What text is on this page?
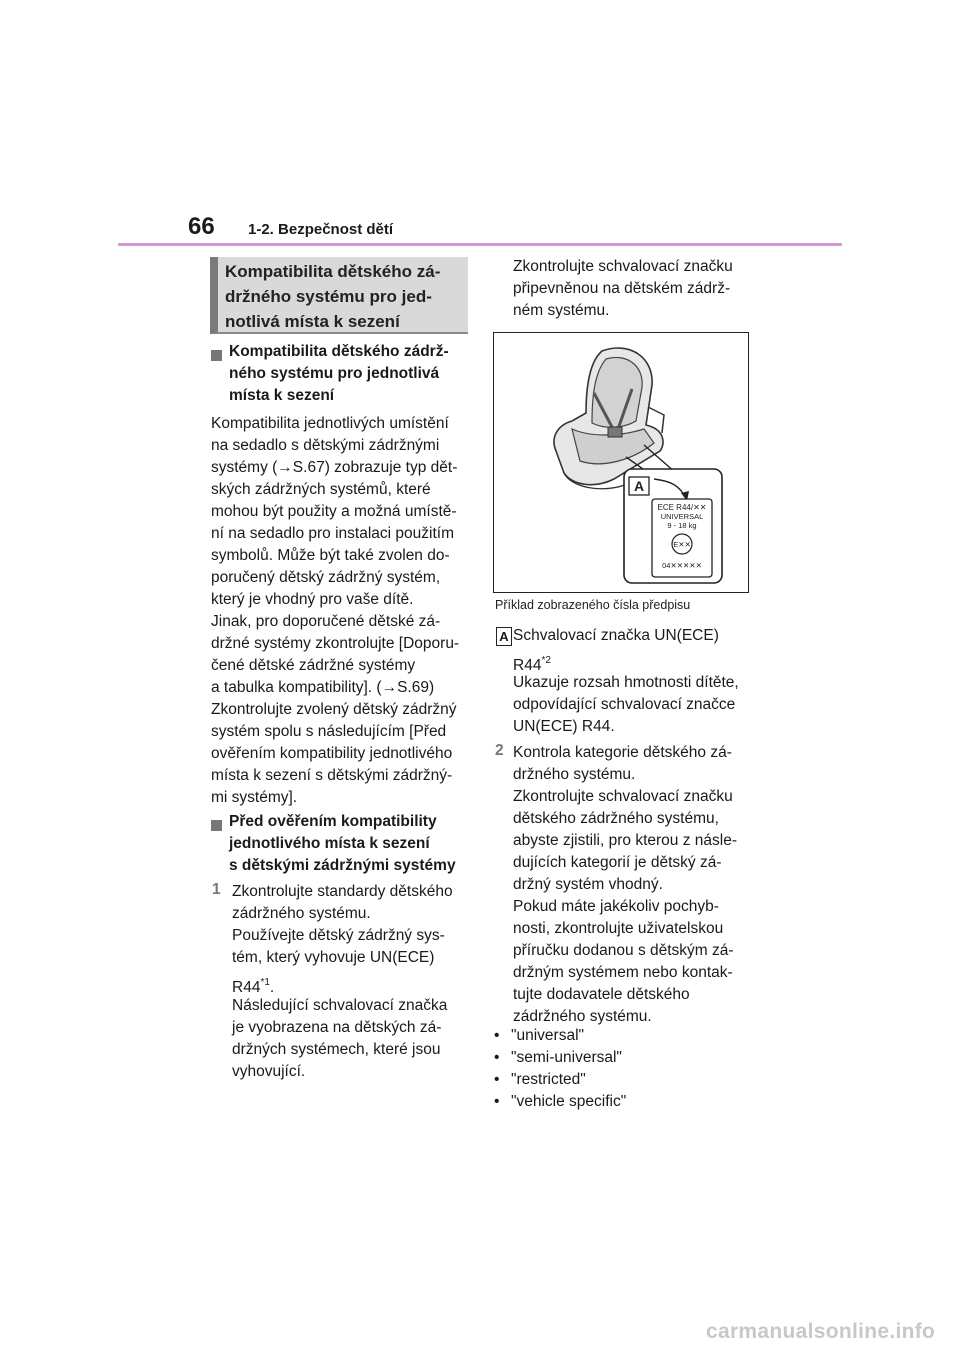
66 1-2. Bezpečnost dětí
Kompatibilita dětského zá-
držného systému pro jed-
notlivá místa k sezení
Kompatibilita dětského zádrž-
ného systému pro jednotlivá
místa k sezení
Kompatibilita jednotlivých umístění
na sedadlo s dětskými zádržnými
systémy (→S.67) zobrazuje typ dět-
ských zádržných systémů, které
mohou být použity a možná umístě-
ní na sedadlo pro instalaci použitím
symbolů. Může být také zvolen do-
poručený dětský zádržný systém,
který je vhodný pro vaše dítě.
Jinak, pro doporučené dětské zá-
držné systémy zkontrolujte [Doporu-
čené dětské zádržné systémy
a tabulka kompatibility]. (→S.69)
Zkontrolujte zvolený dětský zádržný
systém spolu s následujícím [Před
ověřením kompatibility jednotlivého
místa k sezení s dětskými zádržný-
mi systémy].
Před ověřením kompatibility
jednotlivého místa k sezení
s dětskými zádržnými systémy
1 Zkontrolujte standardy dětského
zádržného systému.
Používejte dětský zádržný sys-
tém, který vyhovuje UN(ECE)
R44$^{*1}$.
Následující schvalovací značka
je vyobrazena na dětských zá-
držných systémech, které jsou
vyhovující.
Zkontrolujte schvalovací značku
připevněnou na dětském zádrž-
ném systému.
A
ECE R44/✕✕
UNIVERSAL
9 - 18 kg
E✕✕
04✕✕✕✕✕
Příklad zobrazeného čísla předpisu
A Schvalovací značka UN(ECE)
R44$^{*2}$
Ukazuje rozsah hmotnosti dítěte,
odpovídající schvalovací značce
UN(ECE) R44.
2 Kontrola kategorie dětského zá-
držného systému.
Zkontrolujte schvalovací značku
dětského zádržného systému,
abyste zjistili, pro kterou z násle-
dujících kategorií je dětský zá-
držný systém vhodný.
Pokud máte jakékoliv pochyb-
nosti, zkontrolujte uživatelskou
příručku dodanou s dětským zá-
držným systémem nebo kontak-
tujte dodavatele dětského
zádržného systému.
• "universal"
• "semi-universal"
• "restricted"
• "vehicle specific"
carmanualsonline.info
